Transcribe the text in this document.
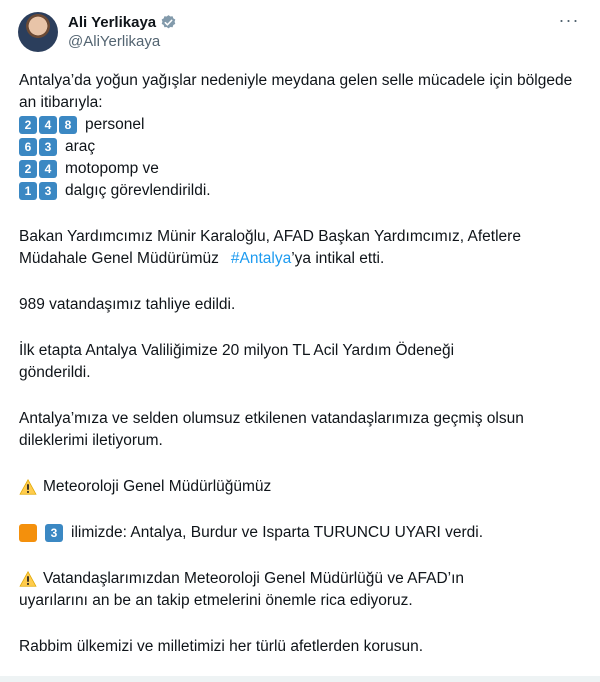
Ali Yerlikaya
@AliYerlikaya
···
Antalya’da yoğun yağışlar nedeniyle meydana gelen selle mücadele için bölgede an itibarıyla:
2	4	8 personel
6	3 araç
2	4 motopomp ve
1	3 dalgıç görevlendirildi.
Bakan Yardımcımız Münir Karaloğlu, AFAD Başkan Yardımcımız, Afetlere
Müdahale Genel Müdürümüz #Antalya ’ya intikal etti.
989 vatandaşımız tahliye edildi.
İlk etapta Antalya Valiliğimize 20 milyon TL Acil Yardım Ödeneği
gönderildi.
Antalya’mıza ve selden olumsuz etkilenen vatandaşlarımıza geçmiş olsun
dileklerimi iletiyorum.
Meteoroloji Genel Müdürlüğümüz
3 ilimizde: Antalya, Burdur ve Isparta TURUNCU UYARI verdi.
Vatandaşlarımızdan Meteoroloji Genel Müdürlüğü ve AFAD’ın
uyarılarını an be an takip etmelerini önemle rica ediyoruz.
Rabbim ülkemizi ve milletimizi her türlü afetlerden korusun.
